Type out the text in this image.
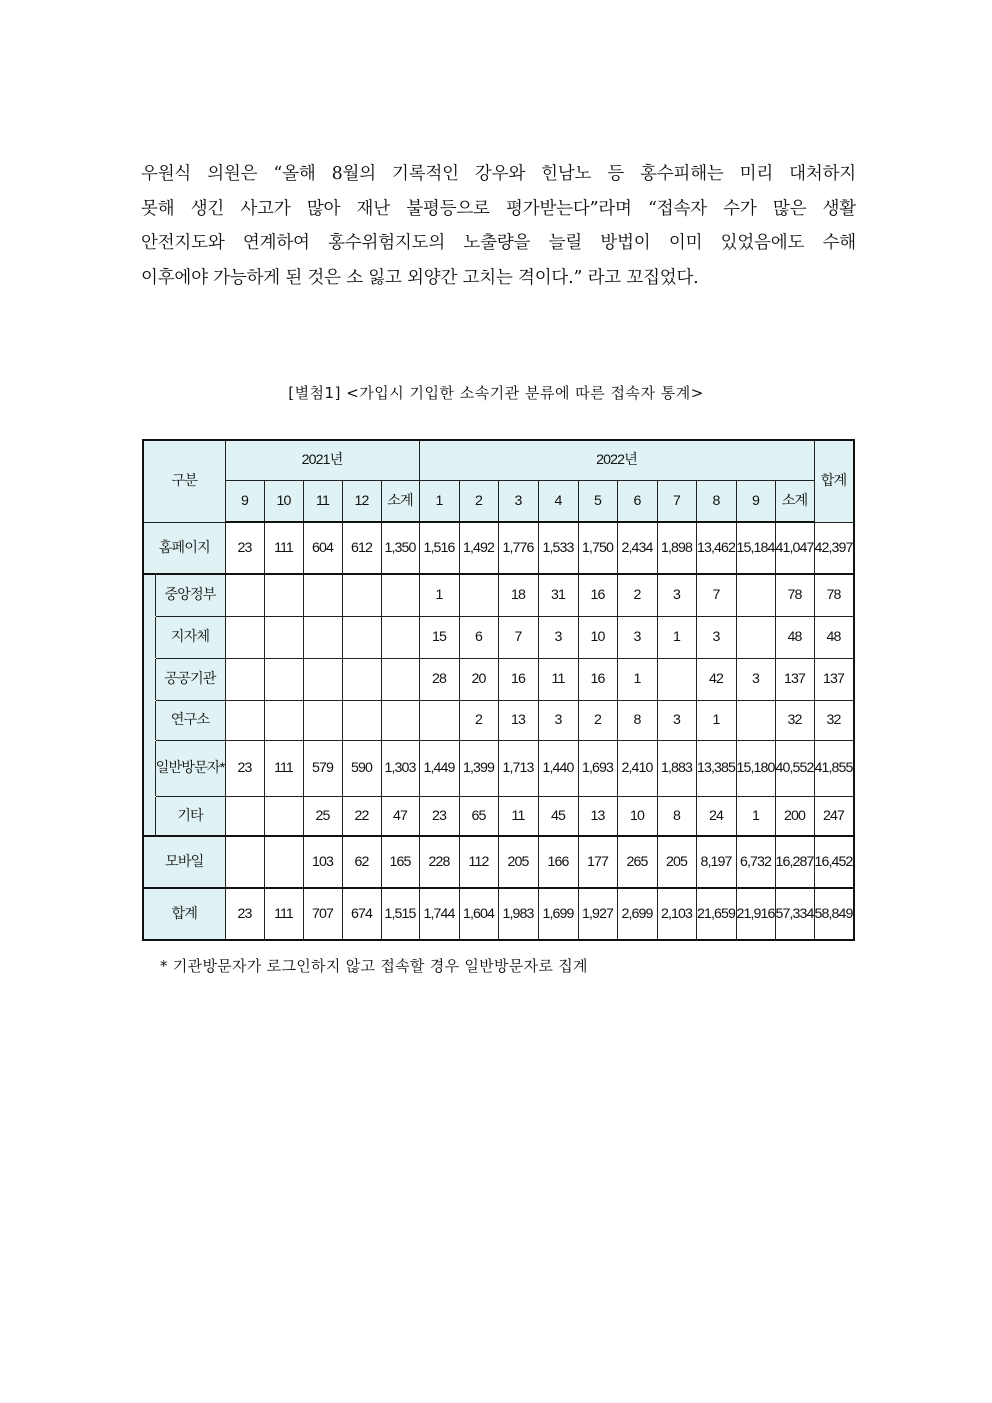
우원식 의원은 “올해 8월의 기록적인 강우와 힌남노 등 홍수피해는 미리 대처하지
못해 생긴 사고가 많아 재난 불평등으로 평가받는다”라며 “접속자 수가 많은 생활
안전지도와 연계하여 홍수위험지도의 노출량을 늘릴 방법이 이미 있었음에도 수해
이후에야 가능하게 된 것은 소 잃고 외양간 고치는 격이다.” 라고 꼬집었다.
[별첨1] <가입시 기입한 소속기관 분류에 따른 접속자 통계>
구분		2021년					2022년										합계
		9	10	11	12	소계	1	2	3	4	5	6	7	8	9	소계	
홈페이지		23	111	604	612	1,350	1,516	1,492	1,776	1,533	1,750	2,434	1,898	13,462	15,184	41,047	42,397
	중앙정부						1		18	31	16	2	3	7		78	78
	지자체						15	6	7	3	10	3	1	3		48	48
	공공기관						28	20	16	11	16	1		42	3	137	137
	연구소							2	13	3	2	8	3	1		32	32
	일반방문자*	23	111	579	590	1,303	1,449	1,399	1,713	1,440	1,693	2,410	1,883	13,385	15,180	40,552	41,855
	기타			25	22	47	23	65	11	45	13	10	8	24	1	200	247
모바일				103	62	165	228	112	205	166	177	265	205	8,197	6,732	16,287	16,452
합계		23	111	707	674	1,515	1,744	1,604	1,983	1,699	1,927	2,699	2,103	21,659	21,916	57,334	58,849
* 기관방문자가 로그인하지 않고 접속할 경우 일반방문자로 집계
